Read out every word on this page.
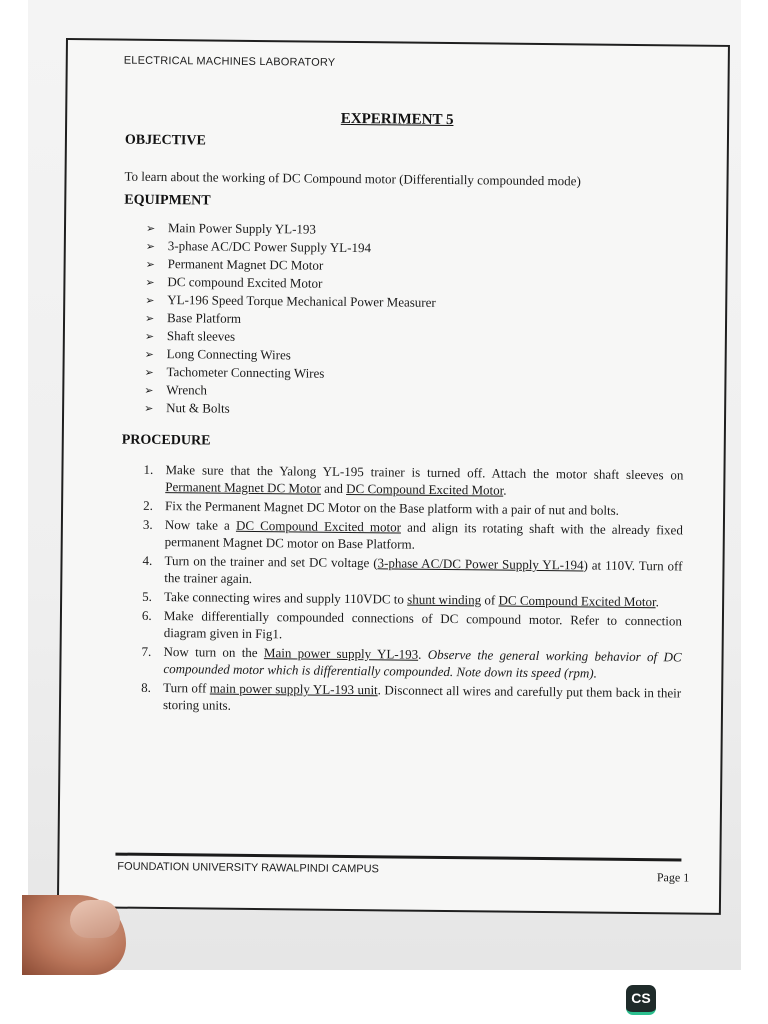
ELECTRICAL MACHINES LABORATORY
EXPERIMENT 5
OBJECTIVE
To learn about the working of DC Compound motor (Differentially compounded mode)
EQUIPMENT
➢ Main Power Supply YL-193
➢ 3-phase AC/DC Power Supply YL-194
➢ Permanent Magnet DC Motor
➢ DC compound Excited Motor
➢ YL-196 Speed Torque Mechanical Power Measurer
➢ Base Platform
➢ Shaft sleeves
➢ Long Connecting Wires
➢ Tachometer Connecting Wires
➢ Wrench
➢ Nut & Bolts
PROCEDURE
1. Make sure that the Yalong YL-195 trainer is turned off. Attach the motor shaft sleeves on Permanent Magnet DC Motor and DC Compound Excited Motor.
2. Fix the Permanent Magnet DC Motor on the Base platform with a pair of nut and bolts.
3. Now take a DC Compound Excited motor and align its rotating shaft with the already fixed permanent Magnet DC motor on Base Platform.
4. Turn on the trainer and set DC voltage (3-phase AC/DC Power Supply YL-194) at 110V. Turn off the trainer again.
5. Take connecting wires and supply 110VDC to shunt winding of DC Compound Excited Motor.
6. Make differentially compounded connections of DC compound motor. Refer to connection diagram given in Fig1.
7. Now turn on the Main power supply YL-193. Observe the general working behavior of DC compounded motor which is differentially compounded. Note down its speed (rpm).
8. Turn off main power supply YL-193 unit. Disconnect all wires and carefully put them back in their storing units.
FOUNDATION UNIVERSITY RAWALPINDI CAMPUS
Page 1
CS
